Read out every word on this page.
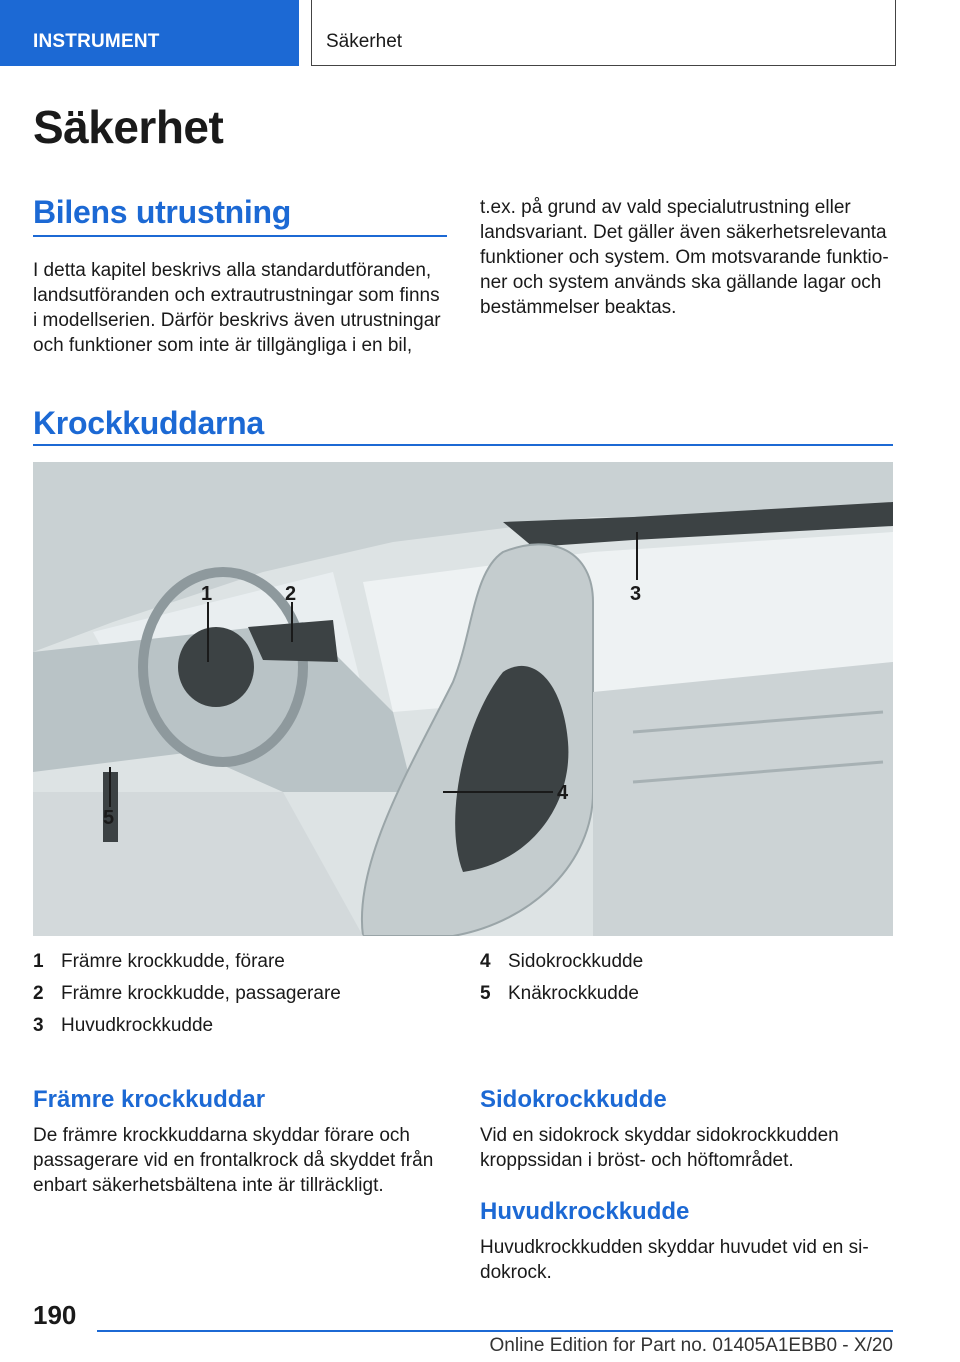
INSTRUMENT	Säkerhet
Säkerhet
Bilens utrustning

I detta kapitel beskrivs alla standardutföranden, landsutföranden och extrautrustningar som finns i modellserien. Därför beskrivs även utrustningar och funktioner som inte är tillgängliga i en bil,

t.ex. på grund av vald specialutrustning eller landsvariant. Det gäller även säkerhetsrelevanta funktioner och system. Om motsvarande funktioner och system används ska gällande lagar och bestämmelser beaktas.

Krockkuddarna
1	2	3
4
5
1 Främre krockkudde, förare
2 Främre krockkudde, passagerare
3 Huvudkrockkudde
4 Sidokrockkudde
5 Knäkrockkudde
Främre krockkuddar

De främre krockkuddarna skyddar förare och passagerare vid en frontalkrock då skyddet från enbart säkerhetsbältena inte är tillräckligt.

Sidokrockkudde

Vid en sidokrock skyddar sidokrockkudden kroppssidan i bröst- och höftområdet.

Huvudkrockkudde

Huvudkrockkudden skyddar huvudet vid en sidokrock.

190
Online Edition for Part no. 01405A1EBB0 - X/20
